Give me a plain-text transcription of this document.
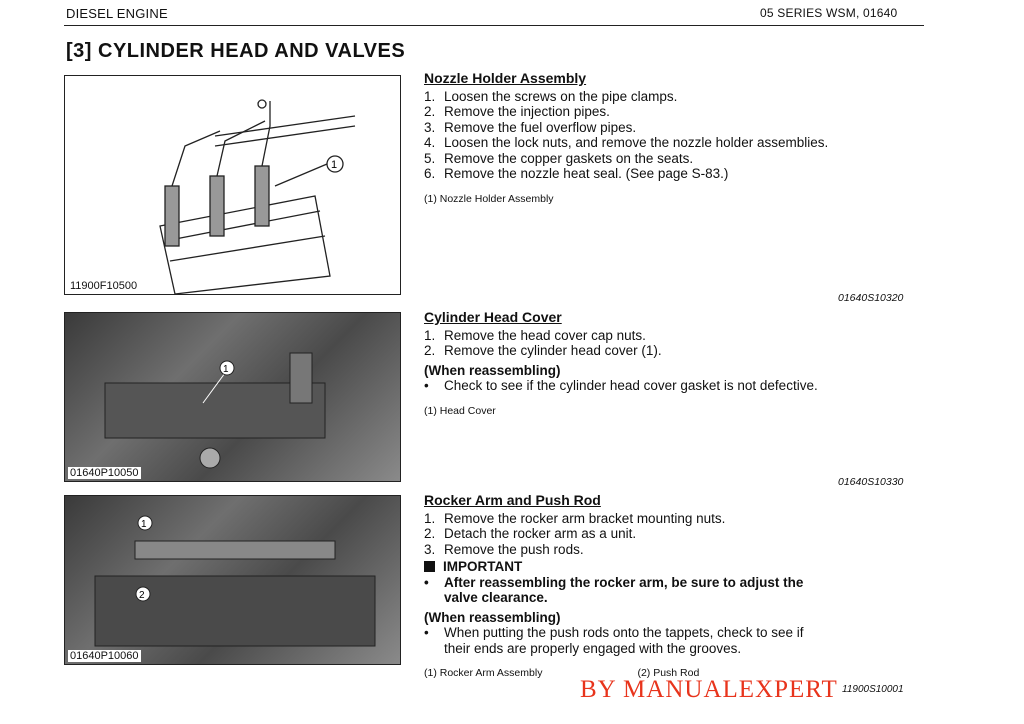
DIESEL ENGINE	05 SERIES WSM, 01640
[3] CYLINDER HEAD AND VALVES
1
11900F10500
1
01640P10050
1
2
01640P10060
Nozzle Holder Assembly
1. Loosen the screws on the pipe clamps.
2. Remove the injection pipes.
3. Remove the fuel overflow pipes.
4. Loosen the lock nuts, and remove the nozzle holder assemblies.
5. Remove the copper gaskets on the seats.
6. Remove the nozzle heat seal. (See page S-83.)
(1) Nozzle Holder Assembly
01640S10320
Cylinder Head Cover
1. Remove the head cover cap nuts.
2. Remove the cylinder head cover (1).
(When reassembling)
•	Check to see if the cylinder head cover gasket is not defective.
(1) Head Cover
01640S10330
Rocker Arm and Push Rod
1. Remove the rocker arm bracket mounting nuts.
2. Detach the rocker arm as a unit.
3. Remove the push rods.
IMPORTANT
•	After reassembling the rocker arm, be sure to adjust the
valve clearance.
(When reassembling)
•	When putting the push rods onto the tappets, check to see if
their ends are properly engaged with the grooves.
(1) Rocker Arm Assembly	(2) Push Rod
11900S10001
BY MANUALEXPERT
